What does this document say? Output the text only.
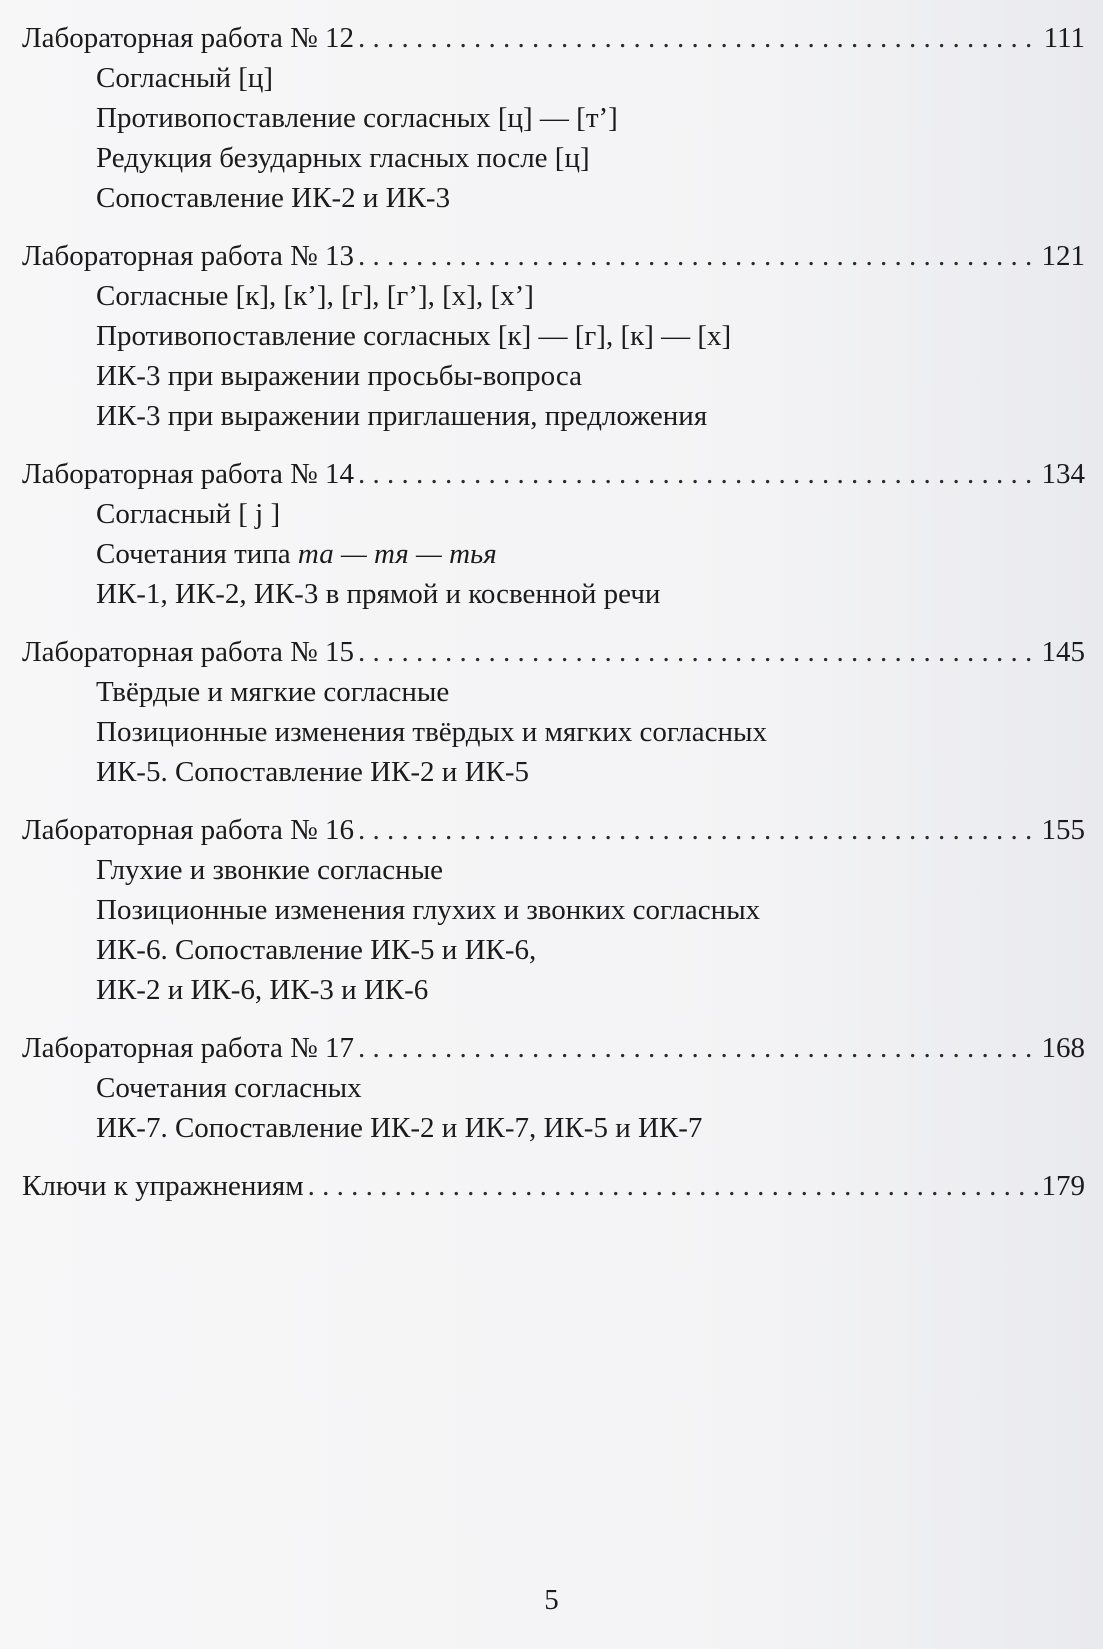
Лабораторная работа № 12 . . .	111
Согласный [ц]
Противопоставление согласных [ц] — [т’]
Редукция безударных гласных после [ц]
Сопоставление ИК-2 и ИК-3
Лабораторная работа № 13 . . .	121
Согласные [к], [к’], [г], [г’], [х], [х’]
Противопоставление согласных [к] — [г], [к] — [х]
ИК-3 при выражении просьбы-вопроса
ИК-3 при выражении приглашения, предложения
Лабораторная работа № 14 . . .	134
Согласный [ j ]
Сочетания типа та — тя — тья
ИК-1, ИК-2, ИК-3 в прямой и косвенной речи
Лабораторная работа № 15 . . .	145
Твёрдые и мягкие согласные
Позиционные изменения твёрдых и мягких согласных
ИК-5. Сопоставление ИК-2 и ИК-5
Лабораторная работа № 16 . . .	155
Глухие и звонкие согласные
Позиционные изменения глухих и звонких согласных
ИК-6. Сопоставление ИК-5 и ИК-6,
ИК-2 и ИК-6, ИК-3 и ИК-6
Лабораторная работа № 17 . . .	168
Сочетания согласных
ИК-7. Сопоставление ИК-2 и ИК-7, ИК-5 и ИК-7
Ключи к упражнениям . . .	179
5
